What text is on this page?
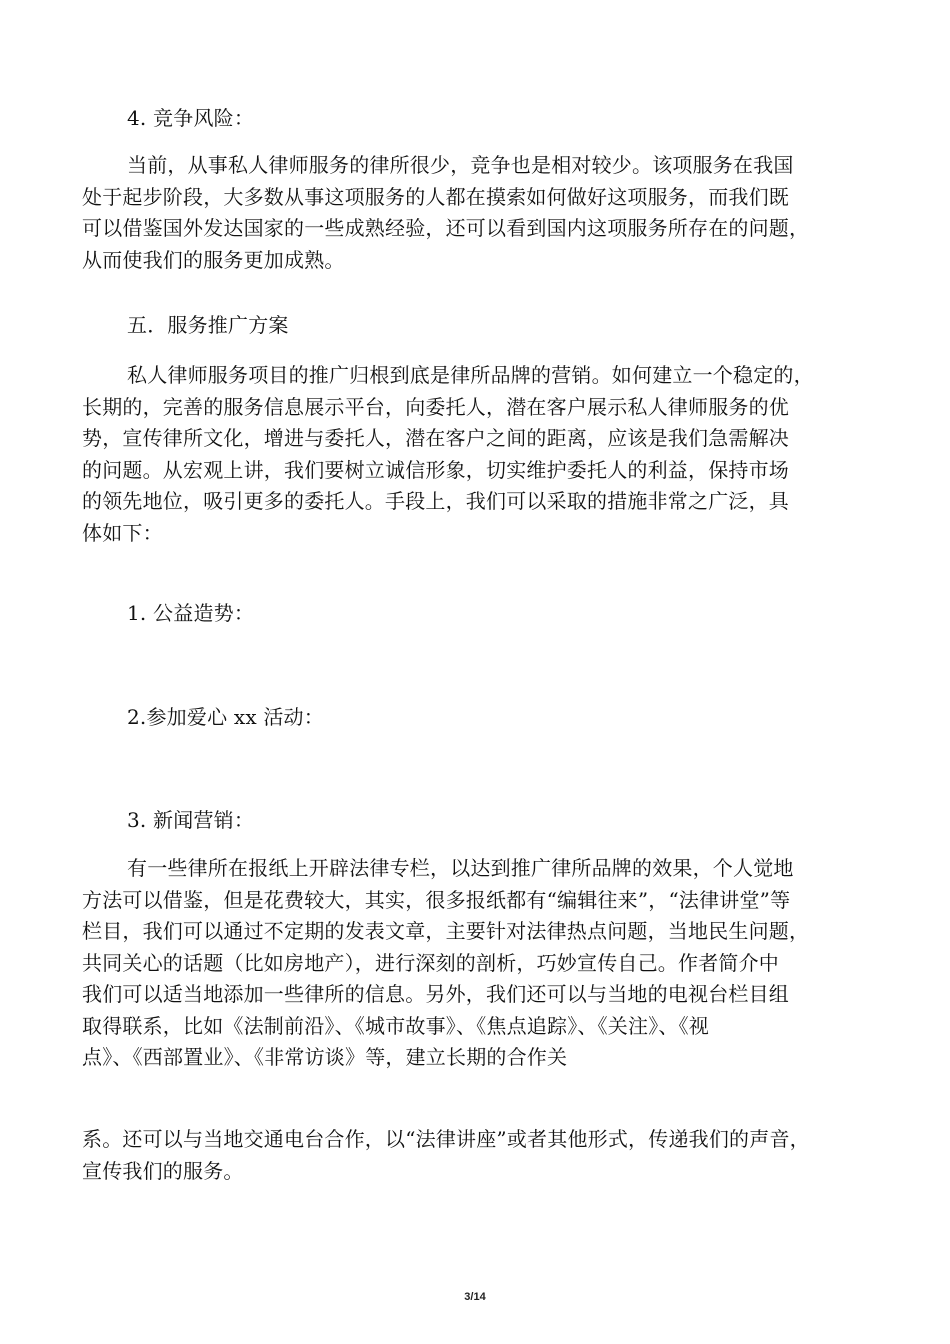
4. 竞争风险：
当前，从事私人律师服务的律所很少，竞争也是相对较少。该项服务在我国
处于起步阶段，大多数从事这项服务的人都在摸索如何做好这项服务，而我们既
可以借鉴国外发达国家的一些成熟经验，还可以看到国内这项服务所存在的问题，
从而使我们的服务更加成熟。
五．服务推广方案
私人律师服务项目的推广归根到底是律所品牌的营销。如何建立一个稳定的，
长期的，完善的服务信息展示平台，向委托人，潜在客户展示私人律师服务的优
势，宣传律所文化，增进与委托人，潜在客户之间的距离，应该是我们急需解决
的问题。从宏观上讲，我们要树立诚信形象，切实维护委托人的利益，保持市场
的领先地位，吸引更多的委托人。手段上，我们可以采取的措施非常之广泛，具
体如下：
1. 公益造势：
2.参加爱心 xx 活动：
3. 新闻营销：
有一些律所在报纸上开辟法律专栏，以达到推广律所品牌的效果，个人觉地
方法可以借鉴，但是花费较大，其实，很多报纸都有“编辑往来”，“法律讲堂”等
栏目，我们可以通过不定期的发表文章，主要针对法律热点问题，当地民生问题，
共同关心的话题（比如房地产），进行深刻的剖析，巧妙宣传自己。作者简介中
我们可以适当地添加一些律所的信息。另外，我们还可以与当地的电视台栏目组
取得联系，比如《法制前沿》、《城市故事》、《焦点追踪》、《关注》、《视
点》、《西部置业》、《非常访谈》等，建立长期的合作关
系。还可以与当地交通电台合作，以“法律讲座”或者其他形式，传递我们的声音，
宣传我们的服务。
3/14
